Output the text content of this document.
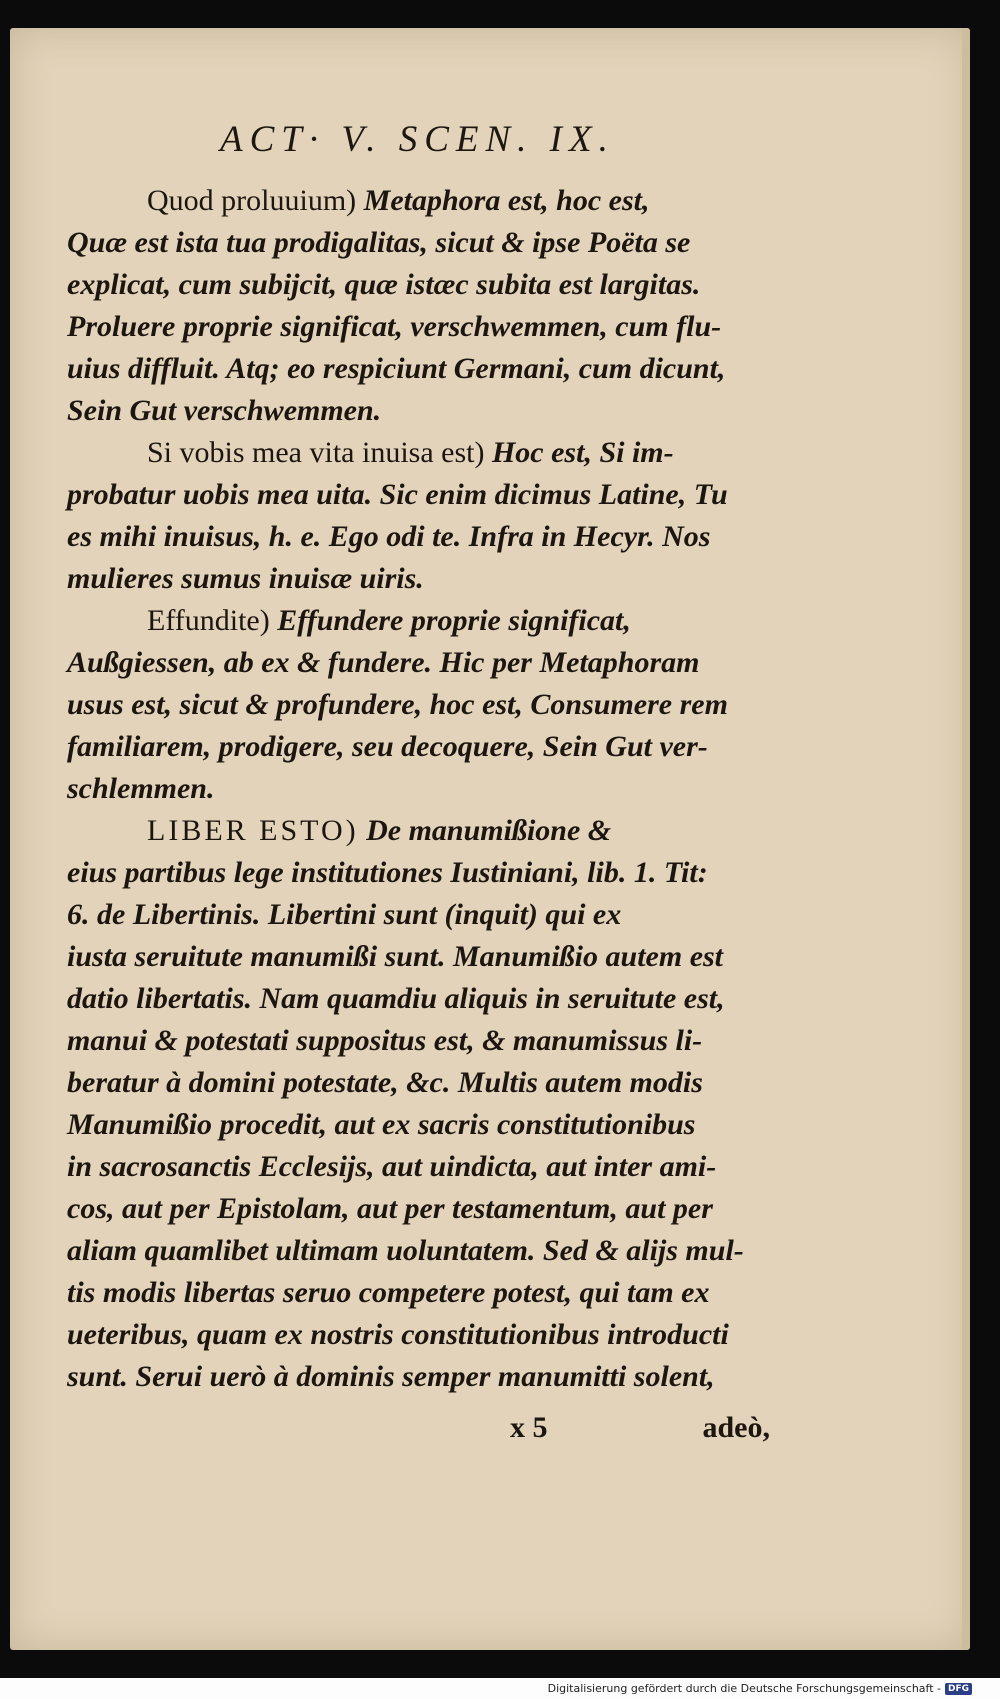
ACT· V. SCEN. IX.
Quod proluuium) Metaphora est, hoc est,
Quæ est ista tua prodigalitas, sicut & ipse Poëta se
explicat, cum subijcit, quæ istæc subita est largitas.
Proluere proprie significat, verschwemmen, cum flu-
uius diffluit. Atq; eo respiciunt Germani, cum dicunt,
Sein Gut verschwemmen.
Si vobis mea vita inuisa est) Hoc est, Si im-
probatur uobis mea uita. Sic enim dicimus Latine, Tu
es mihi inuisus, h. e. Ego odi te. Infra in Hecyr. Nos
mulieres sumus inuisæ uiris.
Effundite) Effundere proprie significat,
Außgiessen, ab ex & fundere. Hic per Metaphoram
usus est, sicut & profundere, hoc est, Consumere rem
familiarem, prodigere, seu decoquere, Sein Gut ver-
schlemmen.
LIBER ESTO) De manumißione &
eius partibus lege institutiones Iustiniani, lib. 1. Tit:
6. de Libertinis. Libertini sunt (inquit) qui ex
iusta seruitute manumißi sunt. Manumißio autem est
datio libertatis. Nam quamdiu aliquis in seruitute est,
manui & potestati suppositus est, & manumissus li-
beratur à domini potestate, &c. Multis autem modis
Manumißio procedit, aut ex sacris constitutionibus
in sacrosanctis Ecclesijs, aut uindicta, aut inter ami-
cos, aut per Epistolam, aut per testamentum, aut per
aliam quamlibet ultimam uoluntatem. Sed & alijs mul-
tis modis libertas seruo competere potest, qui tam ex
ueteribus, quam ex nostris constitutionibus introducti
sunt. Serui uerò à dominis semper manumitti solent,
x 5	adeò,
Digitalisierung gefördert durch die Deutsche Forschungsgemeinschaft - DFG
